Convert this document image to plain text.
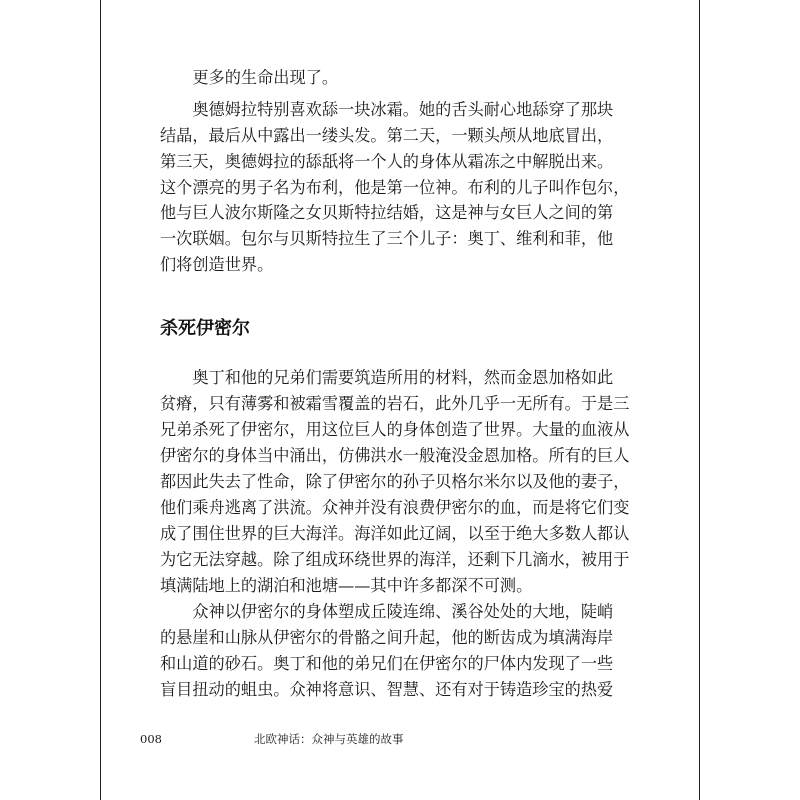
　　更多的生命出现了。
　　奥德姆拉特别喜欢舔一块冰霜。她的舌头耐心地舔穿了那块
结晶，最后从中露出一缕头发。第二天，一颗头颅从地底冒出，
第三天，奥德姆拉的舔舐将一个人的身体从霜冻之中解脱出来。
这个漂亮的男子名为布利，他是第一位神。布利的儿子叫作包尔，
他与巨人波尔斯隆之女贝斯特拉结婚，这是神与女巨人之间的第
一次联姻。包尔与贝斯特拉生了三个儿子：奥丁、维利和菲，他
们将创造世界。
杀死伊密尔
　　奥丁和他的兄弟们需要筑造所用的材料，然而金恩加格如此
贫瘠，只有薄雾和被霜雪覆盖的岩石，此外几乎一无所有。于是三
兄弟杀死了伊密尔，用这位巨人的身体创造了世界。大量的血液从
伊密尔的身体当中涌出，仿佛洪水一般淹没金恩加格。所有的巨人
都因此失去了性命，除了伊密尔的孙子贝格尔米尔以及他的妻子，
他们乘舟逃离了洪流。众神并没有浪费伊密尔的血，而是将它们变
成了围住世界的巨大海洋。海洋如此辽阔，以至于绝大多数人都认
为它无法穿越。除了组成环绕世界的海洋，还剩下几滴水，被用于
填满陆地上的湖泊和池塘——其中许多都深不可测。
　　众神以伊密尔的身体塑成丘陵连绵、溪谷处处的大地，陡峭
的悬崖和山脉从伊密尔的骨骼之间升起，他的断齿成为填满海岸
和山道的砂石。奥丁和他的弟兄们在伊密尔的尸体内发现了一些
盲目扭动的蛆虫。众神将意识、智慧、还有对于铸造珍宝的热爱
008	北欧神话：众神与英雄的故事
